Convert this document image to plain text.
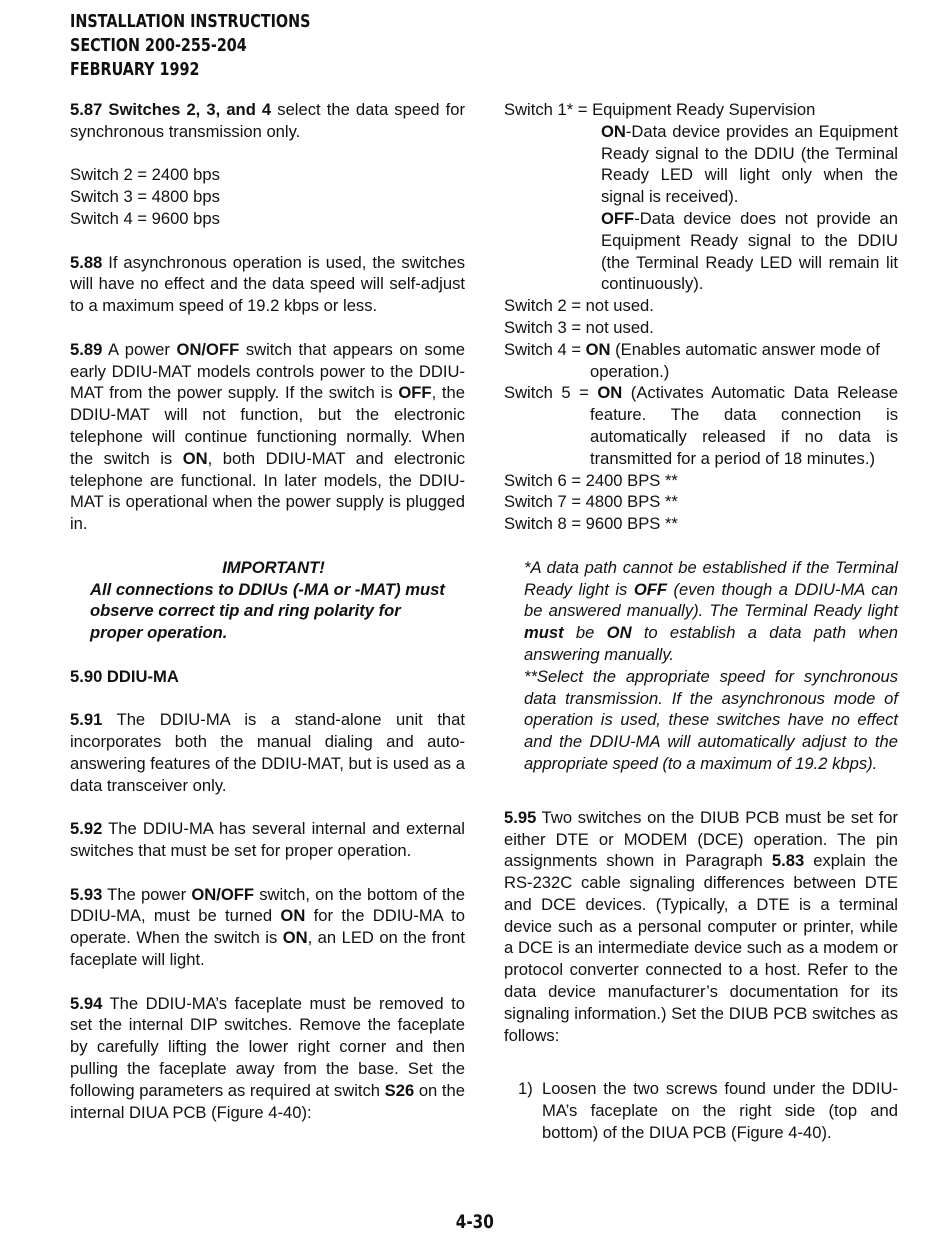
INSTALLATION INSTRUCTIONS
SECTION 200-255-204
FEBRUARY 1992

5.87 Switches 2, 3, and 4 select the data speed for synchronous transmission only.

Switch 2 = 2400 bps
Switch 3 = 4800 bps
Switch 4 = 9600 bps

5.88 If asynchronous operation is used, the switches will have no effect and the data speed will self-adjust to a maximum speed of 19.2 kbps or less.

5.89 A power ON/OFF switch that appears on some early DDIU-MAT models controls power to the DDIU-MAT from the power supply. If the switch is OFF, the DDIU-MAT will not function, but the electronic telephone will continue functioning normally. When the switch is ON, both DDIU-MAT and electronic telephone are functional. In later models, the DDIU-MAT is operational when the power supply is plugged in.

IMPORTANT!
All connections to DDIUs (-MA or -MAT) must observe correct tip and ring polarity for proper operation.

5.90 DDIU-MA

5.91 The DDIU-MA is a stand-alone unit that incorporates both the manual dialing and auto-answering features of the DDIU-MAT, but is used as a data transceiver only.

5.92 The DDIU-MA has several internal and external switches that must be set for proper operation.

5.93 The power ON/OFF switch, on the bottom of the DDIU-MA, must be turned ON for the DDIU-MA to operate. When the switch is ON, an LED on the front faceplate will light.

5.94 The DDIU-MA’s faceplate must be removed to set the internal DIP switches. Remove the faceplate by carefully lifting the lower right corner and then pulling the faceplate away from the base. Set the following parameters as required at switch S26 on the internal DIUA PCB (Figure 4-40):

Switch 1* = Equipment Ready Supervision
ON-Data device provides an Equipment Ready signal to the DDIU (the Terminal Ready LED will light only when the signal is received).
OFF-Data device does not provide an Equipment Ready signal to the DDIU (the Terminal Ready LED will remain lit continuously).
Switch 2 = not used.
Switch 3 = not used.
Switch 4 = ON (Enables automatic answer mode of operation.)
Switch 5 = ON (Activates Automatic Data Release feature. The data connection is automatically released if no data is transmitted for a period of 18 minutes.)
Switch 6 = 2400 BPS **
Switch 7 = 4800 BPS **
Switch 8 = 9600 BPS **
*A data path cannot be established if the Terminal Ready light is OFF (even though a DDIU-MA can be answered manually). The Terminal Ready light must be ON to establish a data path when answering manually.
**Select the appropriate speed for synchronous data transmission. If the asynchronous mode of operation is used, these switches have no effect and the DDIU-MA will automatically adjust to the appropriate speed (to a maximum of 19.2 kbps).

5.95 Two switches on the DIUB PCB must be set for either DTE or MODEM (DCE) operation. The pin assignments shown in Paragraph 5.83 explain the RS-232C cable signaling differences between DTE and DCE devices. (Typically, a DTE is a terminal device such as a personal computer or printer, while a DCE is an intermediate device such as a modem or protocol converter connected to a host. Refer to the data device manufacturer’s documentation for its signaling information.) Set the DIUB PCB switches as follows:

1) Loosen the two screws found under the DDIU-MA’s faceplate on the right side (top and bottom) of the DIUA PCB (Figure 4-40).
4-30
